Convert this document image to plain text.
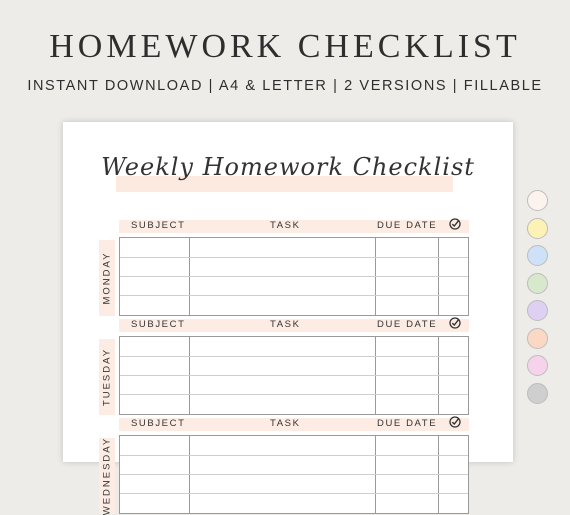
HOMEWORK CHECKLIST
INSTANT DOWNLOAD | A4 & LETTER | 2 VERSIONS | FILLABLE
Weekly Homework Checklist
SUBJECT	TASK	DUE DATE
MONDAY
SUBJECT	TASK	DUE DATE
TUESDAY
SUBJECT	TASK	DUE DATE
WEDNESDAY
